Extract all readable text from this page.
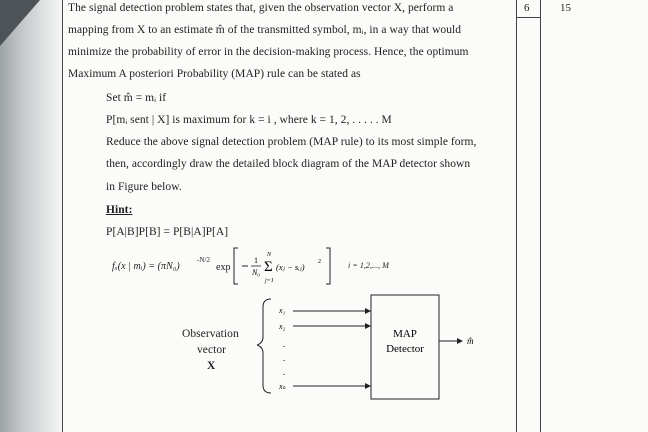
6	15
The signal detection problem states that, given the observation vector X, perform a
mapping from X to an estimate m̂ of the transmitted symbol, mᵢ, in a way that would
minimize the probability of error in the decision-making process. Hence, the optimum
Maximum A posteriori Probability (MAP) rule can be stated as
Set m̂ = mᵢ if
P[mᵢ sent | X] is maximum for k = i , where k = 1, 2, . . . . . M
Reduce the above signal detection problem (MAP rule) to its most simple form,
then, accordingly draw the detailed block diagram of the MAP detector shown
in Figure below.
Hint:
P[A|B]P[B] = P[B|A]P[A]
fₓ(x | mᵢ) = (πN₀)
-N/2
exp
1
N₀ Σ
N
j=1
(xⱼ − sᵢⱼ) 2	i = 1,2,..., M
Observation
vector
X
x₁
x₂
.
.
.
xₙ
MAP
Detector
m̂
